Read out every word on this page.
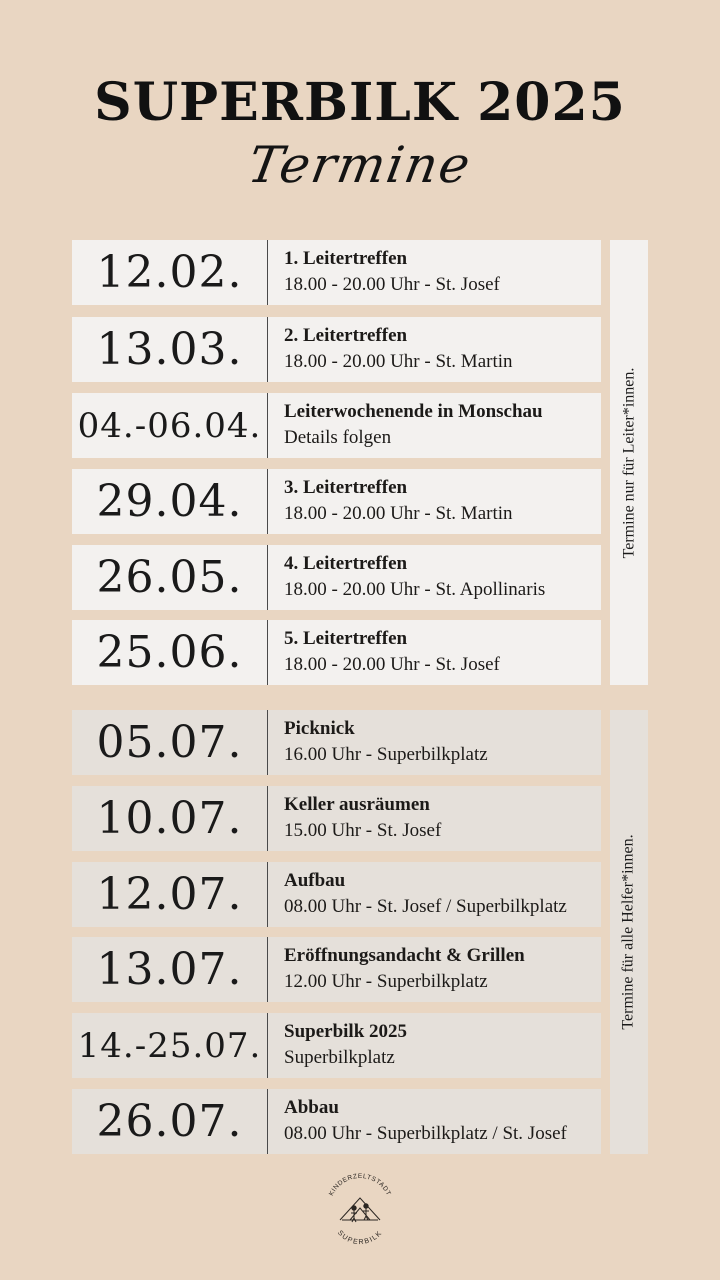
SUPERBILK 2025
Termine
12.02.	1. Leitertreffen
18.00 - 20.00 Uhr - St. Josef
13.03.	2. Leitertreffen
18.00 - 20.00 Uhr - St. Martin
04.-06.04.	Leiterwochenende in Monschau
Details folgen
29.04.	3. Leitertreffen
18.00 - 20.00 Uhr - St. Martin
26.05.	4. Leitertreffen
18.00 - 20.00 Uhr - St. Apollinaris
25.06.	5. Leitertreffen
18.00 - 20.00 Uhr - St. Josef
Termine nur für Leiter*innen.
05.07.	Picknick
16.00 Uhr - Superbilkplatz
10.07.	Keller ausräumen
15.00 Uhr - St. Josef
12.07.	Aufbau
08.00 Uhr - St. Josef / Superbilkplatz
13.07.	Eröffnungsandacht & Grillen
12.00 Uhr - Superbilkplatz
14.-25.07.	Superbilk 2025
Superbilkplatz
26.07.	Abbau
08.00 Uhr - Superbilkplatz / St. Josef
Termine für alle Helfer*innen.
KINDERZELTSTADT
SUPERBILK
